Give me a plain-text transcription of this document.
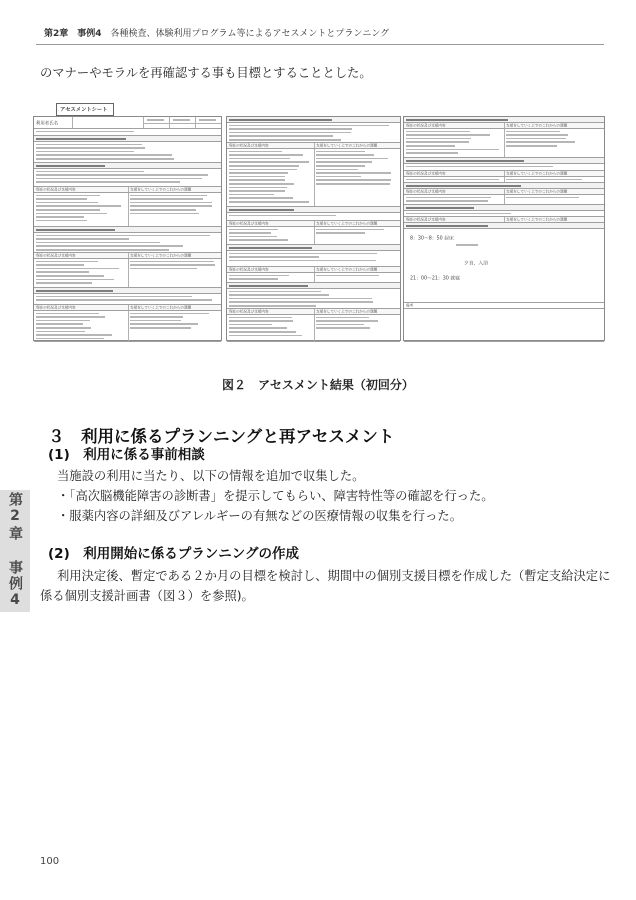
第2章　事例4 各種検査、体験利用プログラム等によるアセスメントとプランニング
のマナーやモラルを再確認する事も目標とすることとした。
アセスメントシート
利用者氏名
現在の状況及び支援内容	支援をしていく上でのこれからの課題
現在の状況及び支援内容	支援をしていく上でのこれからの課題
現在の状況及び支援内容	支援をしていく上でのこれからの課題
現在の状況及び支援内容	支援をしていく上でのこれからの課題
現在の状況及び支援内容	支援をしていく上でのこれからの課題
現在の状況及び支援内容	支援をしていく上でのこれからの課題
現在の状況及び支援内容	支援をしていく上でのこれからの課題
現在の状況及び支援内容	支援をしていく上でのこれからの課題
現在の状況及び支援内容	支援をしていく上でのこれからの課題
現在の状況及び支援内容	支援をしていく上でのこれからの課題
現在の状況及び支援内容	支援をしていく上でのこれからの課題
8：30〜8：50 起床
夕食、入浴
21：00〜21：30 就寝
備考
図２　アセスメント結果（初回分）
３　利用に係るプランニングと再アセスメント
(1)　利用に係る事前相談
当施設の利用に当たり、以下の情報を追加で収集した。
・「高次脳機能障害の診断書」を提示してもらい、障害特性等の確認を行った。
・服薬内容の詳細及びアレルギーの有無などの医療情報の収集を行った。
(2)　利用開始に係るプランニングの作成
利用決定後、暫定である２か月の目標を検討し、期間中の個別支援目標を作成した（暫定支給決定に
係る個別支援計画書（図３）を参照)。
第2章 事例4
100
